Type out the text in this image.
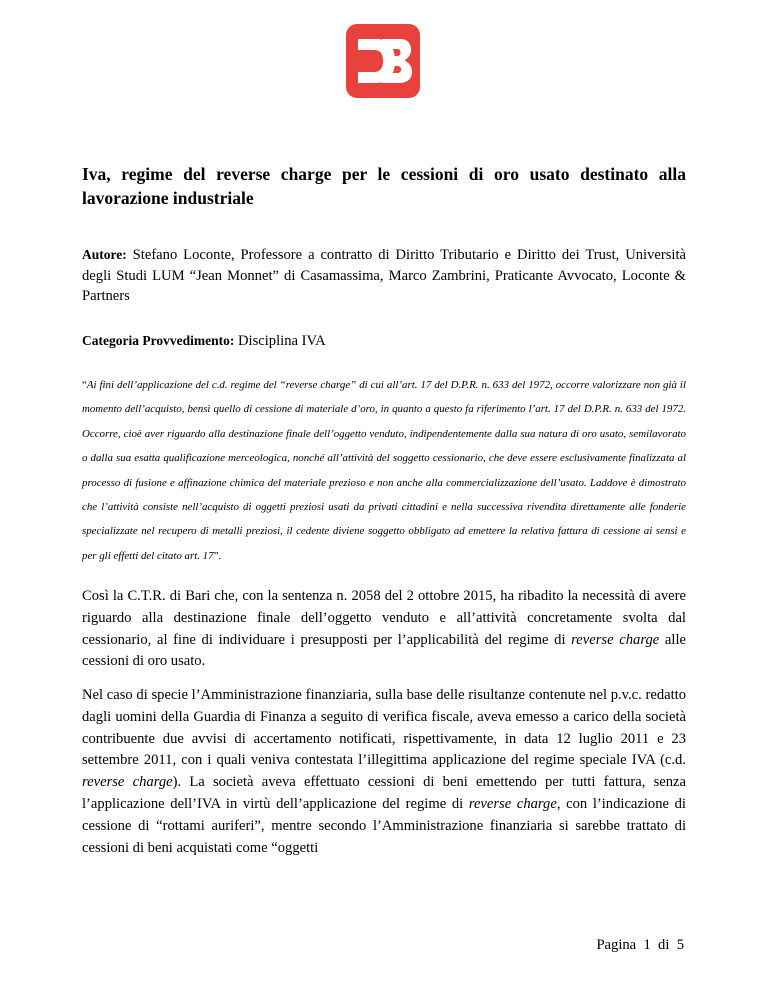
Iva, regime del reverse charge per le cessioni di oro usato destinato alla lavorazione industriale
Autore: Stefano Loconte, Professore a contratto di Diritto Tributario e Diritto dei Trust, Università degli Studi LUM “Jean Monnet” di Casamassima, Marco Zambrini, Praticante Avvocato, Loconte & Partners
Categoria Provvedimento: Disciplina IVA
“Ai fini dell’applicazione del c.d. regime del “reverse charge” di cui all’art. 17 del D.P.R. n. 633 del 1972, occorre valorizzare non già il momento dell’acquisto, bensì quello di cessione di materiale d’oro, in quanto a questo fa riferimento l’art. 17 del D.P.R. n. 633 del 1972. Occorre, cioè aver riguardo alla destinazione finale dell’oggetto venduto, indipendentemente dalla sua natura di oro usato, semilavorato o dalla sua esatta qualificazione merceologica, nonché all’attività del soggetto cessionario, che deve essere esclusivamente finalizzata al processo di fusione e affinazione chimica del materiale prezioso e non anche alla commercializzazione dell’usato. Laddove è dimostrato che l’attività consiste nell’acquisto di oggetti preziosi usati da privati cittadini e nella successiva rivendita direttamente alle fonderie specializzate nel recupero di metalli preziosi, il cedente diviene soggetto obbligato ad emettere la relativa fattura di cessione ai sensi e per gli effetti del citato art. 17”.
Così la C.T.R. di Bari che, con la sentenza n. 2058 del 2 ottobre 2015, ha ribadito la necessità di avere riguardo alla destinazione finale dell’oggetto venduto e all’attività concretamente svolta dal cessionario, al fine di individuare i presupposti per l’applicabilità del regime di reverse charge alle cessioni di oro usato.
Nel caso di specie l’Amministrazione finanziaria, sulla base delle risultanze contenute nel p.v.c. redatto dagli uomini della Guardia di Finanza a seguito di verifica fiscale, aveva emesso a carico della società contribuente due avvisi di accertamento notificati, rispettivamente, in data 12 luglio 2011 e 23 settembre 2011, con i quali veniva contestata l’illegittima applicazione del regime speciale IVA (c.d. reverse charge). La società aveva effettuato cessioni di beni emettendo per tutti fattura, senza l’applicazione dell’IVA in virtù dell’applicazione del regime di reverse charge, con l’indicazione di cessione di “rottami auriferi”, mentre secondo l’Amministrazione finanziaria si sarebbe trattato di cessioni di beni acquistati come “oggetti
Pagina  1  di  5
